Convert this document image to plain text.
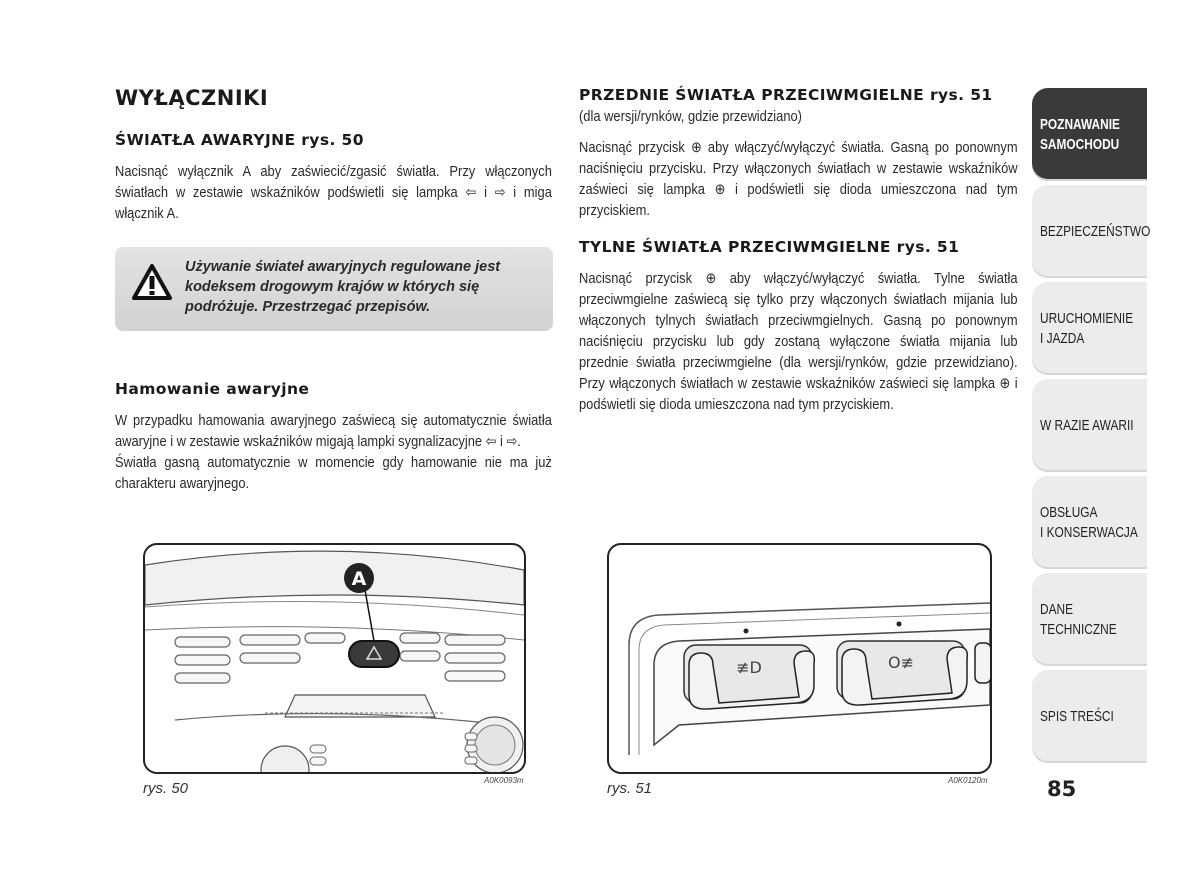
WYŁĄCZNIKI
ŚWIATŁA AWARYJNE rys. 50

Nacisnąć wyłącznik A aby zaświecić/zgasić światła. Przy włączonych światłach w zestawie wskaźników podświetli się lampka ⇦ i ⇨ i miga włącznik A.

Używanie świateł awaryjnych regulowane jest kodeksem drogowym krajów w których się podróżuje. Przestrzegać przepisów.
Hamowanie awaryjne

W przypadku hamowania awaryjnego zaświecą się automatycznie światła awaryjne i w zestawie wskaźników migają lampki sygnalizacyjne ⇦ i ⇨.

Światła gasną automatycznie w momencie gdy hamowanie nie ma już charakteru awaryjnego.

PRZEDNIE ŚWIATŁA PRZECIWMGIELNE rys. 51
(dla wersji/rynków, gdzie przewidziano)

Nacisnąć przycisk ⊕ aby włączyć/wyłączyć światła. Gasną po ponownym naciśnięciu przycisku. Przy włączonych światłach w zestawie wskaźników zaświeci się lampka ⊕ i podświetli się dioda umieszczona nad tym przyciskiem.

TYLNE ŚWIATŁA PRZECIWMGIELNE rys. 51

Nacisnąć przycisk ⊕ aby włączyć/wyłączyć światła. Tylne światła przeciwmgielne zaświecą się tylko przy włączonych światłach mijania lub włączonych tylnych światłach przeciwmgielnych. Gasną po ponownym naciśnięciu przycisku lub gdy zostaną wyłączone światła mijania lub przednie światła przeciwmgielne (dla wersji/rynków, gdzie przewidziano). Przy włączonych światłach w zestawie wskaźników zaświeci się lampka ⊕ i podświetli się dioda umieszczona nad tym przyciskiem.

A
rys. 50	A0K0093m
≢D	O≢
rys. 51	A0K0120m
POZNAWANIE
SAMOCHODU
BEZPIECZEŃSTWO
URUCHOMIENIE
I JAZDA
W RAZIE AWARII
OBSŁUGA
I KONSERWACJA
DANE
TECHNICZNE
SPIS TREŚCI
85
